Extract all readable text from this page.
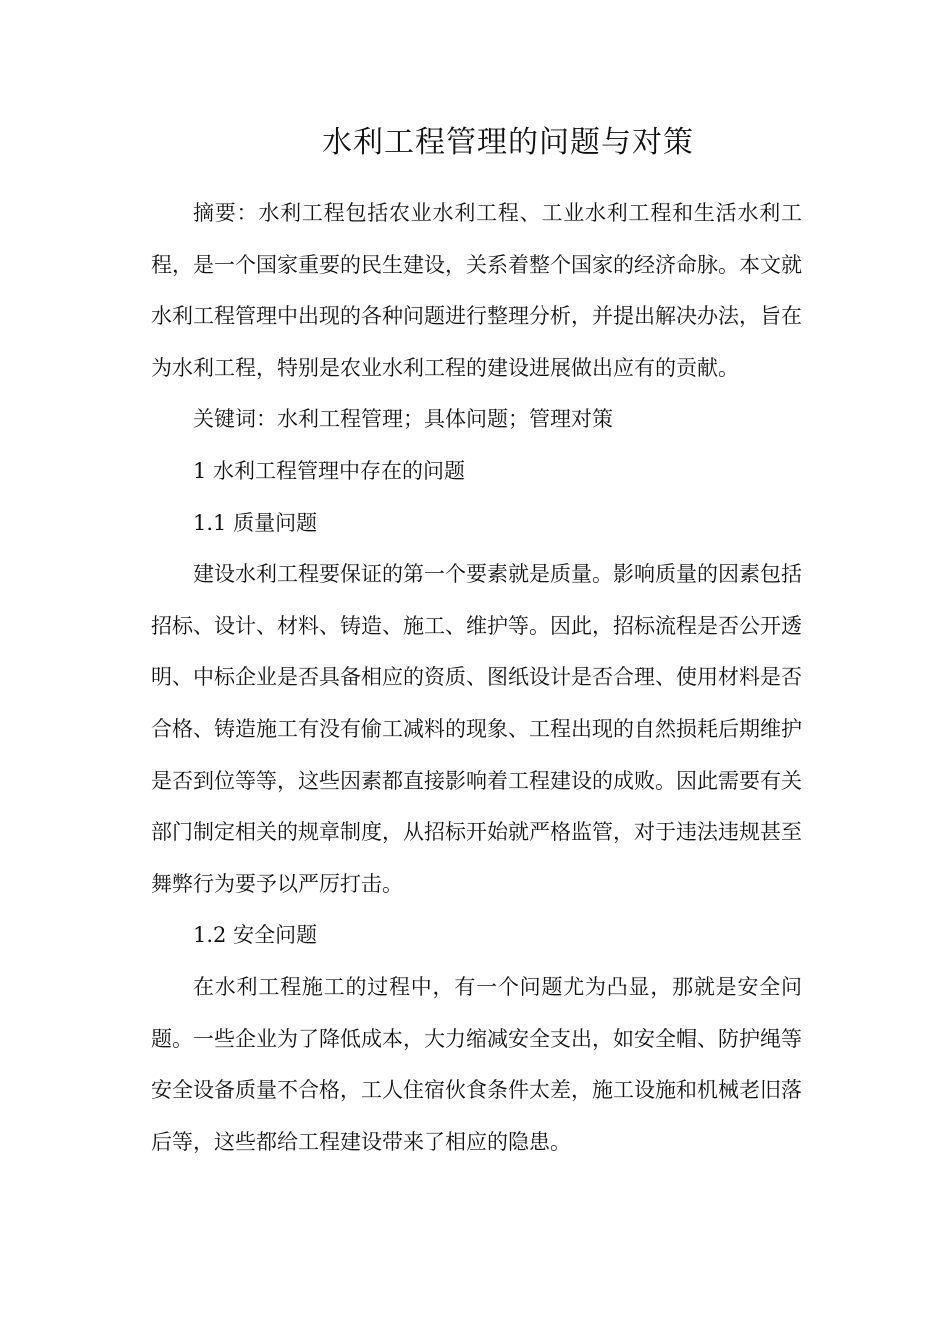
水利工程管理的问题与对策

摘要：水利工程包括农业水利工程、工业水利工程和生活水利工程，是一个国家重要的民生建设，关系着整个国家的经济命脉。本文就水利工程管理中出现的各种问题进行整理分析，并提出解决办法，旨在为水利工程，特别是农业水利工程的建设进展做出应有的贡献。

关键词：水利工程管理；具体问题；管理对策

1 水利工程管理中存在的问题

1.1 质量问题

建设水利工程要保证的第一个要素就是质量。影响质量的因素包括招标、设计、材料、铸造、施工、维护等。因此，招标流程是否公开透明、中标企业是否具备相应的资质、图纸设计是否合理、使用材料是否合格、铸造施工有没有偷工减料的现象、工程出现的自然损耗后期维护是否到位等等，这些因素都直接影响着工程建设的成败。因此需要有关部门制定相关的规章制度，从招标开始就严格监管，对于违法违规甚至舞弊行为要予以严厉打击。

1.2 安全问题

在水利工程施工的过程中，有一个问题尤为凸显，那就是安全问题。一些企业为了降低成本，大力缩减安全支出，如安全帽、防护绳等安全设备质量不合格，工人住宿伙食条件太差，施工设施和机械老旧落后等，这些都给工程建设带来了相应的隐患。
